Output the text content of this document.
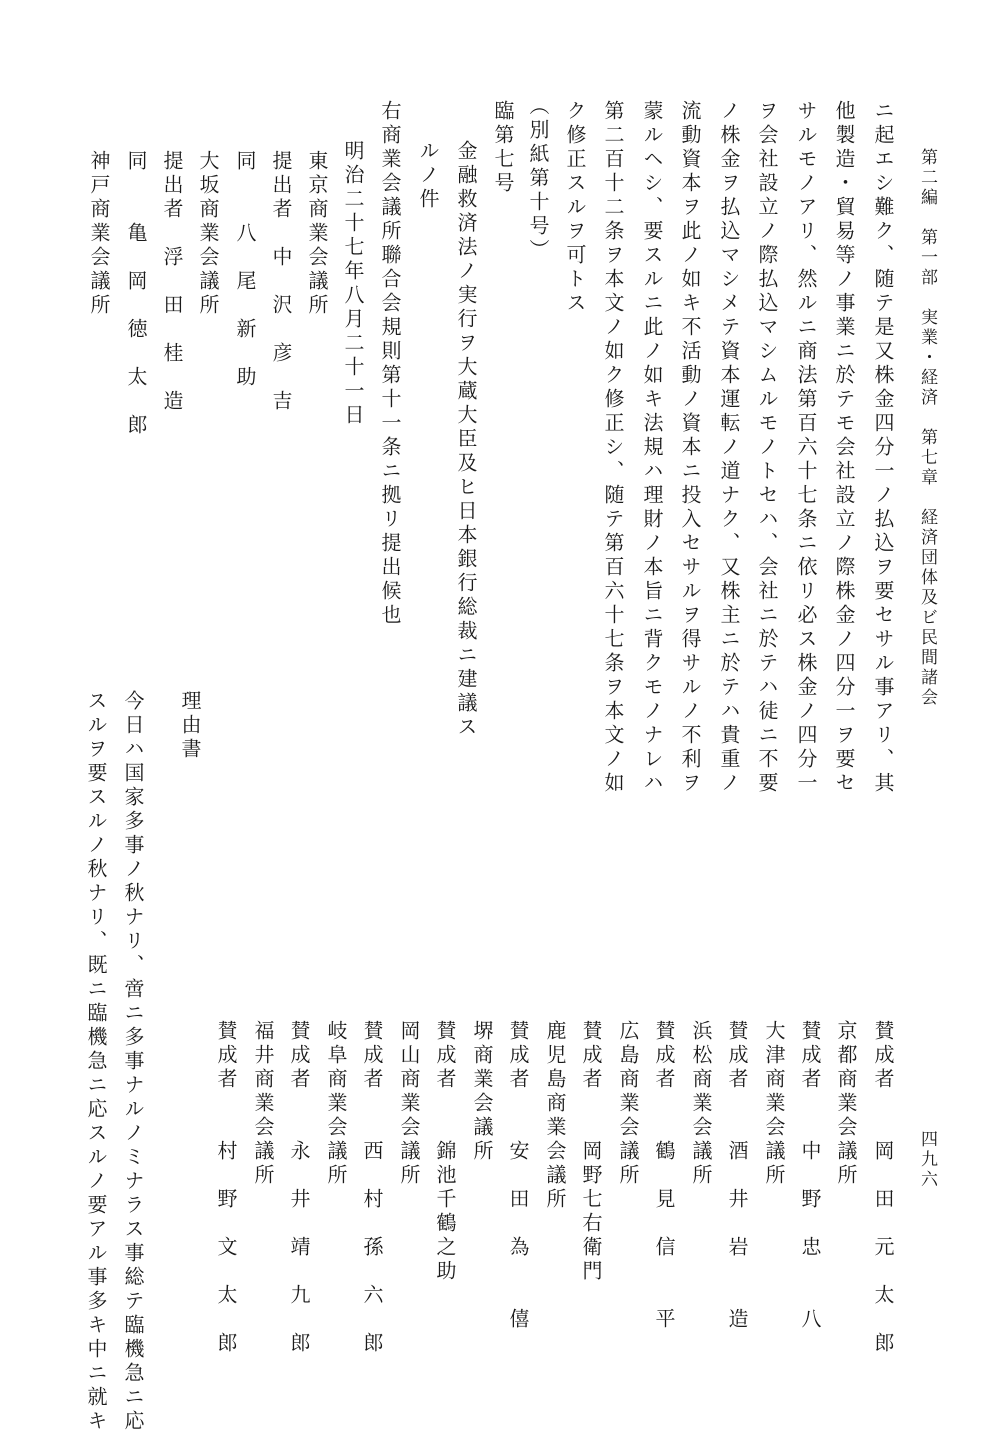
第二編　第一部　実業・経済　第七章　経済団体及ビ民間諸会
四九六
ニ起エシ難ク、随テ是又株金四分一ノ払込ヲ要セサル事アリ、其
他製造・貿易等ノ事業ニ於テモ会社設立ノ際株金ノ四分一ヲ要セ
サルモノアリ、然ルニ商法第百六十七条ニ依リ必ス株金ノ四分一
ヲ会社設立ノ際払込マシムルモノトセハ、会社ニ於テハ徒ニ不要
ノ株金ヲ払込マシメテ資本運転ノ道ナク、又株主ニ於テハ貴重ノ
流動資本ヲ此ノ如キ不活動ノ資本ニ投入セサルヲ得サルノ不利ヲ
蒙ルヘシ、要スルニ此ノ如キ法規ハ理財ノ本旨ニ背クモノナレハ
第二百十二条ヲ本文ノ如ク修正シ、随テ第百六十七条ヲ本文ノ如
ク修正スルヲ可トス
（別紙第十号）
臨第七号
金融救済法ノ実行ヲ大蔵大臣及ヒ日本銀行総裁ニ建議ス
ルノ件
右商業会議所聯合会規則第十一条ニ拠リ提出候也
明治二十七年八月二十一日
東京商業会議所
提出者　中　沢　彦　吉
同　　八　尾　新　助
大坂商業会議所
提出者　浮　田　桂　造
同　　亀　岡　徳　太　郎
神戸商業会議所
賛成者　　岡　田　元　太　郎
京都商業会議所
賛成者　　中　野　忠　　八
大津商業会議所
賛成者　　酒　井　岩　　造
浜松商業会議所
賛成者　　鶴　見　信　　平
広島商業会議所
賛成者　　岡野七右衛門
鹿児島商業会議所
賛成者　　安　田　為　　僖
堺商業会議所
賛成者　　錦池千鶴之助
岡山商業会議所
賛成者　　西　村　孫　六　郎
岐阜商業会議所
賛成者　　永　井　靖　九　郎
福井商業会議所
賛成者　　村　野　文　太　郎
理由書
今日ハ国家多事ノ秋ナリ、啻ニ多事ナルノミナラス事総テ臨機急ニ応
スルヲ要スルノ秋ナリ、既ニ臨機急ニ応スルノ要アル事多キ中ニ就キ
